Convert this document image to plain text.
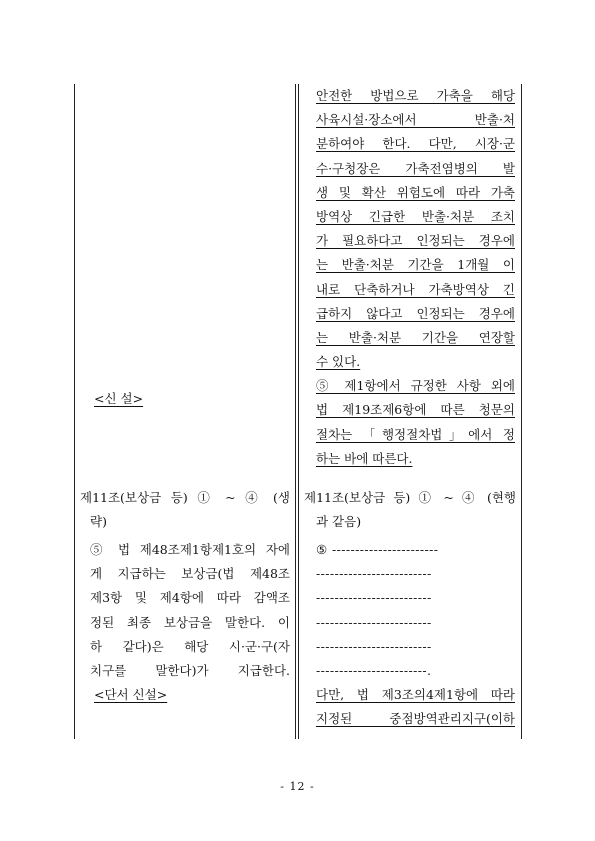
<신 설>
제11조(보상금 등) ① ~ ④ (생
략)
⑤ 법 제48조제1항제1호의 자에
게 지급하는 보상금(법 제48조
제3항 및 제4항에 따라 감액조
정된 최종 보상금을 말한다. 이
하 같다)은 해당 시·군·구(자
치구를 말한다)가 지급한다.
<단서 신설>
안전한 방법으로 가축을 해당
사육시설·장소에서 반출·처
분하여야 한다. 다만, 시장·군
수·구청장은 가축전염병의 발
생 및 확산 위험도에 따라 가축
방역상 긴급한 반출·처분 조치
가 필요하다고 인정되는 경우에
는 반출·처분 기간을 1개월 이
내로 단축하거나 가축방역상 긴
급하지 않다고 인정되는 경우에
는 반출·처분 기간을 연장할
수 있다.
⑤ 제1항에서 규정한 사항 외에
법 제19조제6항에 따른 청문의
절차는 「행정절차법」에서 정
하는 바에 따른다.
제11조(보상금 등) ① ~ ④ (현행
과 같음)
⑤ -----------------------
-------------------------
-------------------------
-------------------------
-------------------------
------------------------.
다만, 법 제3조의4제1항에 따라
지정된 중점방역관리지구(이하
- 12 -
